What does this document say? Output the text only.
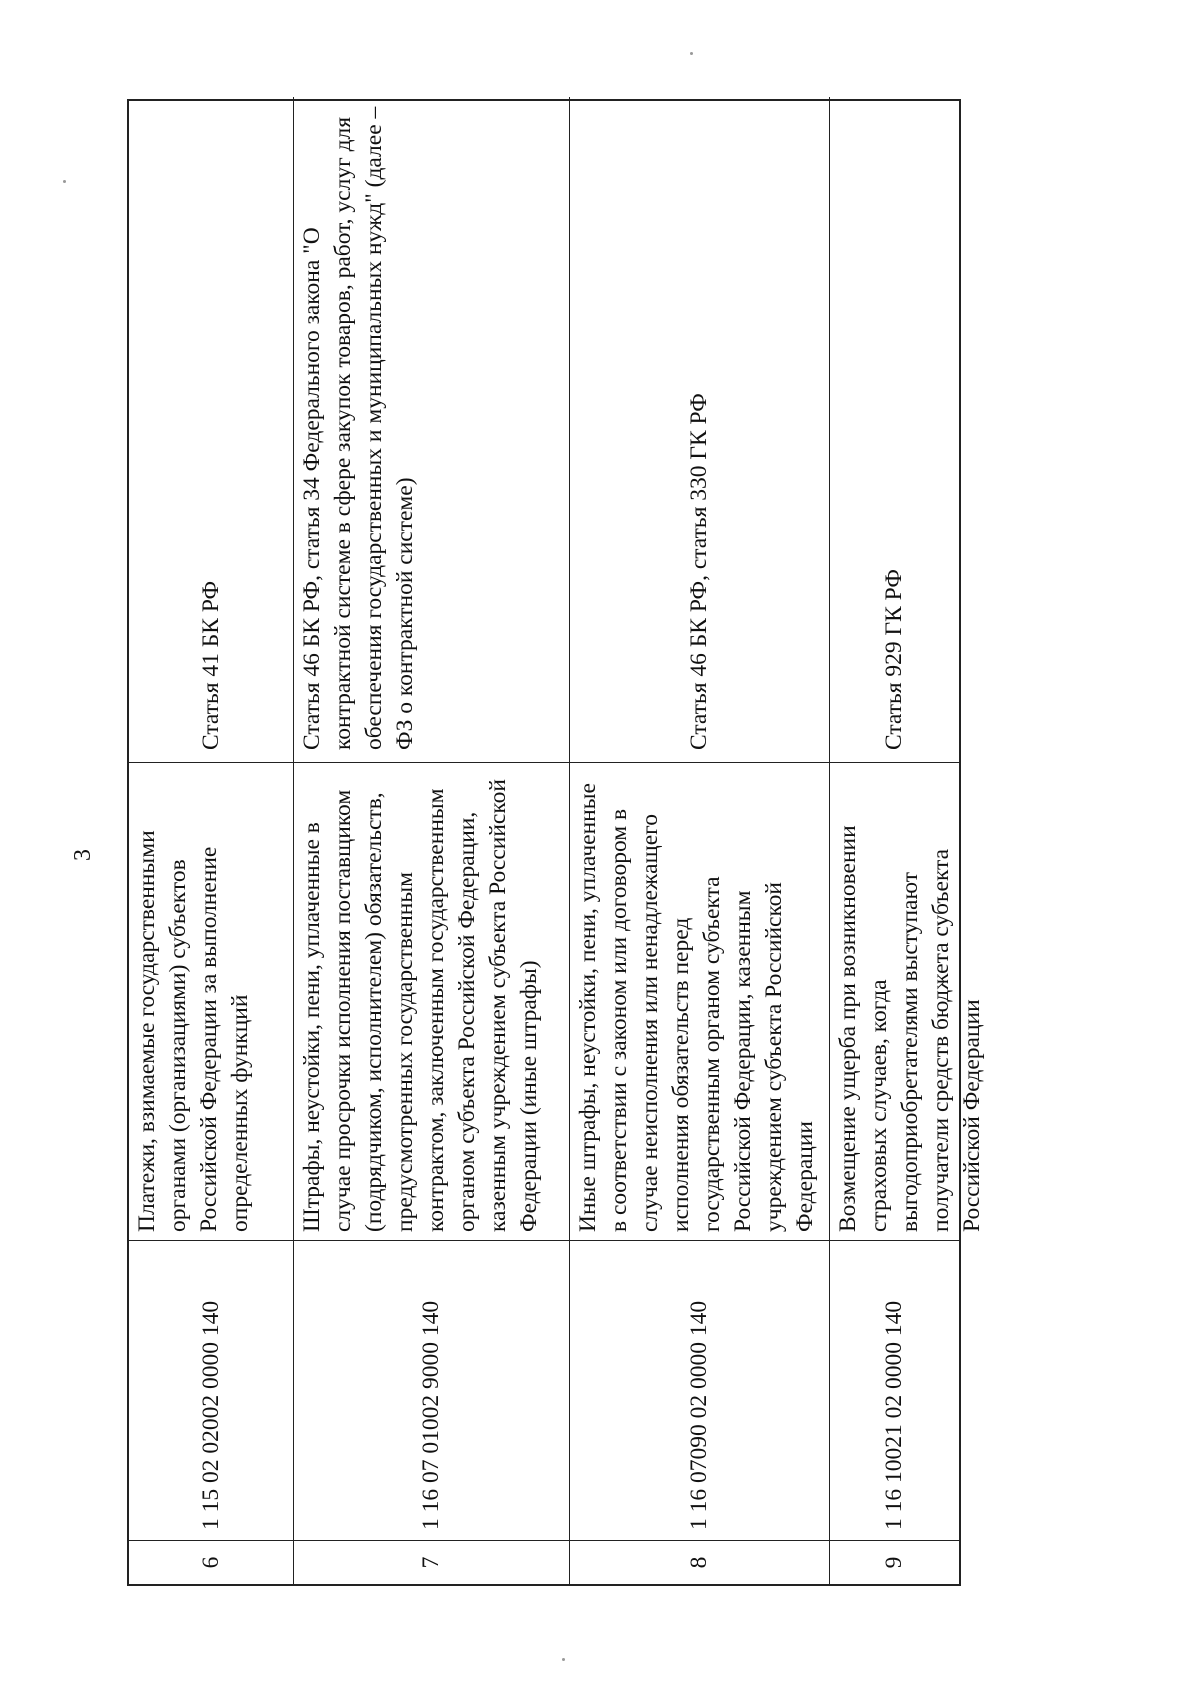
3
6
1 15 02 02002 0000 140
Платежи, взимаемые государственными органами (организациями) субъектов Российской Федерации за выполнение определенных функций
Статья 41 БК РФ
7
1 16 07 01002 9000 140
Штрафы, неустойки, пени, уплаченные в случае просрочки исполнения поставщиком (подрядчиком, исполнителем) обязательств, предусмотренных государственным контрактом, заключенным государственным органом субъекта Российской Федерации, казенным учреждением субъекта Российской Федерации (иные штрафы)
Статья 46 БК РФ, статья 34 Федерального закона "О контрактной системе в сфере закупок товаров, работ, услуг для обеспечения государственных и муниципальных нужд" (далее – ФЗ о контрактной системе)
8
1 16 07090 02 0000 140
Иные штрафы, неустойки, пени, уплаченные в соответствии с законом или договором в случае неисполнения или ненадлежащего исполнения обязательств перед государственным органом субъекта Российской Федерации, казенным учреждением субъекта Российской Федерации
Статья 46 БК РФ, статья 330 ГК РФ
9
1 16 10021 02 0000 140
Возмещение ущерба при возникновении страховых случаев, когда выгодоприобретателями выступают получатели средств бюджета субъекта Российской Федерации
Статья 929 ГК РФ
